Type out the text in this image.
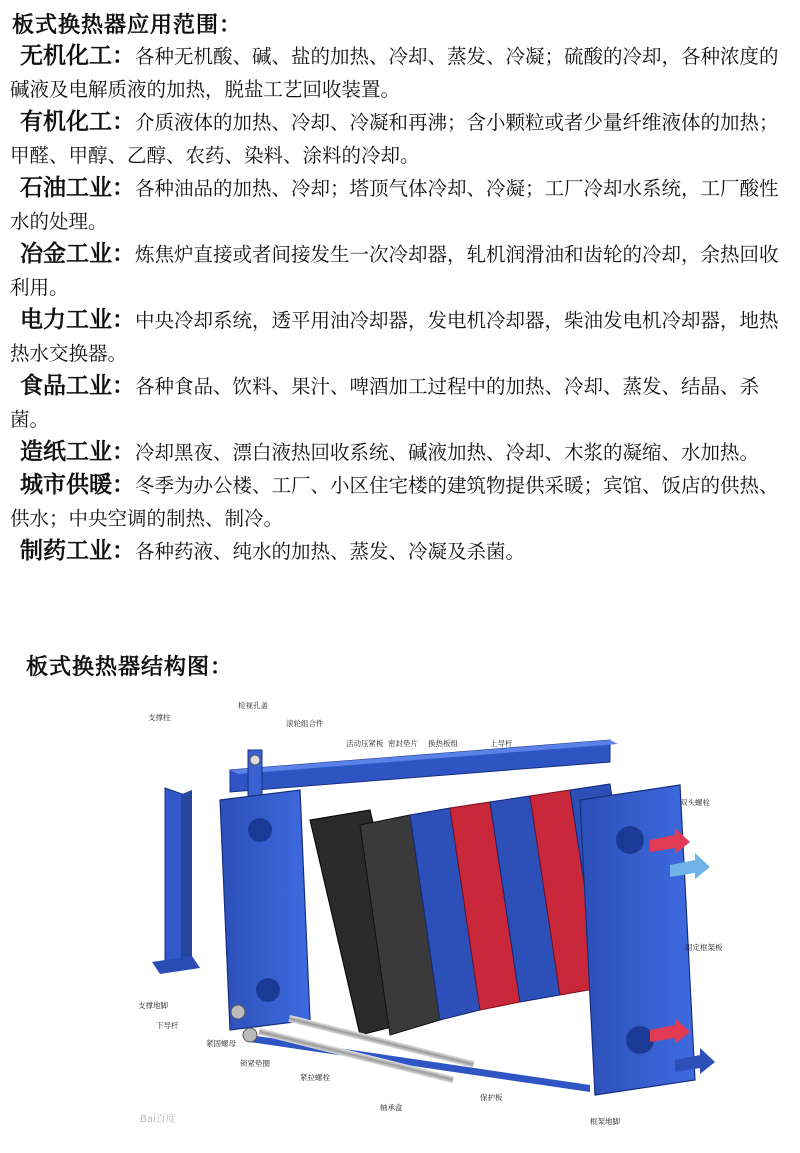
板式换热器应用范围：

无机化工：各种无机酸、碱、盐的加热、冷却、蒸发、冷凝；硫酸的冷却，各种浓度的碱液及电解质液的加热，脱盐工艺回收装置。

有机化工：介质液体的加热、冷却、冷凝和再沸；含小颗粒或者少量纤维液体的加热；甲醛、甲醇、乙醇、农药、染料、涂料的冷却。

石油工业：各种油品的加热、冷却；塔顶气体冷却、冷凝；工厂冷却水系统，工厂酸性水的处理。

冶金工业：炼焦炉直接或者间接发生一次冷却器，轧机润滑油和齿轮的冷却，余热回收利用。

电力工业：中央冷却系统，透平用油冷却器，发电机冷却器，柴油发电机冷却器，地热热水交换器。

食品工业：各种食品、饮料、果汁、啤酒加工过程中的加热、冷却、蒸发、结晶、杀菌。

造纸工业：冷却黑夜、漂白液热回收系统、碱液加热、冷却、木浆的凝缩、水加热。

城市供暖：冬季为办公楼、工厂、小区住宅楼的建筑物提供采暖；宾馆、饭店的供热、供水；中央空调的制热、制冷。

制药工业：各种药液、纯水的加热、蒸发、冷凝及杀菌。

板式换热器结构图：
支撑柱
检视孔盖
滚轮组合件
活动压紧板 密封垫片 换热板组	上导杆
双头螺栓
固定框架板
支撑地脚
下导杆
紧固螺母
锁紧垫圈
紧拉螺栓
轴承盒
保护板
框架地脚
Bai百度
